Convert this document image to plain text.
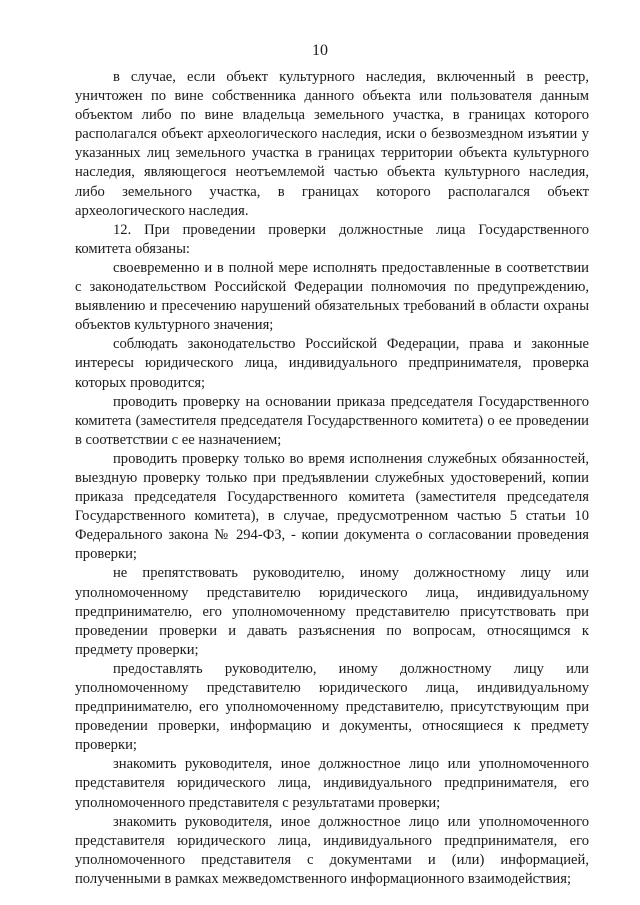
10

в случае, если объект культурного наследия, включенный в реестр, уничтожен по вине собственника данного объекта или пользователя данным объектом либо по вине владельца земельного участка, в границах которого располагался объект археологического наследия, иски о безвозмездном изъятии у указанных лиц земельного участка в границах территории объекта культурного наследия, являющегося неотъемлемой частью объекта культурного наследия, либо земельного участка, в границах которого располагался объект археологического наследия.

12. При проведении проверки должностные лица Государственного комитета обязаны:

своевременно и в полной мере исполнять предоставленные в соответствии с законодательством Российской Федерации полномочия по предупреждению, выявлению и пресечению нарушений обязательных требований в области охраны объектов культурного значения;

соблюдать законодательство Российской Федерации, права и законные интересы юридического лица, индивидуального предпринимателя, проверка которых проводится;

проводить проверку на основании приказа председателя Государственного комитета (заместителя председателя Государственного комитета) о ее проведении в соответствии с ее назначением;

проводить проверку только во время исполнения служебных обязанностей, выездную проверку только при предъявлении служебных удостоверений, копии приказа председателя Государственного комитета (заместителя председателя Государственного комитета), в случае, предусмотренном частью 5 статьи 10 Федерального закона № 294-ФЗ, - копии документа о согласовании проведения проверки;

не препятствовать руководителю, иному должностному лицу или уполномоченному представителю юридического лица, индивидуальному предпринимателю, его уполномоченному представителю присутствовать при проведении проверки и давать разъяснения по вопросам, относящимся к предмету проверки;

предоставлять руководителю, иному должностному лицу или уполномоченному представителю юридического лица, индивидуальному предпринимателю, его уполномоченному представителю, присутствующим при проведении проверки, информацию и документы, относящиеся к предмету проверки;

знакомить руководителя, иное должностное лицо или уполномоченного представителя юридического лица, индивидуального предпринимателя, его уполномоченного представителя с результатами проверки;

знакомить руководителя, иное должностное лицо или уполномоченного представителя юридического лица, индивидуального предпринимателя, его уполномоченного представителя с документами и (или) информацией, полученными в рамках межведомственного информационного взаимодействия;
